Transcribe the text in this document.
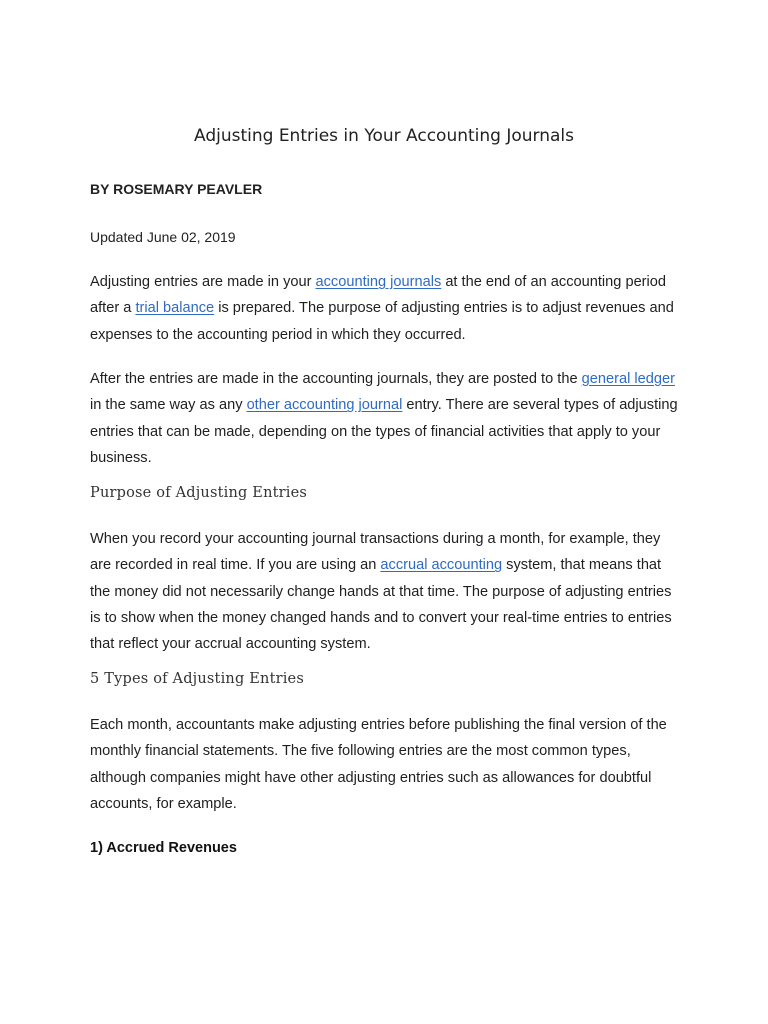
Adjusting Entries in Your Accounting Journals

BY ROSEMARY PEAVLER

Updated June 02, 2019

Adjusting entries are made in your accounting journals at the end of an accounting period after a trial balance is prepared. The purpose of adjusting entries is to adjust revenues and expenses to the accounting period in which they occurred.

After the entries are made in the accounting journals, they are posted to the general ledger in the same way as any other accounting journal entry. There are several types of adjusting entries that can be made, depending on the types of financial activities that apply to your business.

Purpose of Adjusting Entries

When you record your accounting journal transactions during a month, for example, they are recorded in real time. If you are using an accrual accounting system, that means that the money did not necessarily change hands at that time. The purpose of adjusting entries is to show when the money changed hands and to convert your real-time entries to entries that reflect your accrual accounting system.

5 Types of Adjusting Entries

Each month, accountants make adjusting entries before publishing the final version of the monthly financial statements. The five following entries are the most common types, although companies might have other adjusting entries such as allowances for doubtful accounts, for example.

1) Accrued Revenues
